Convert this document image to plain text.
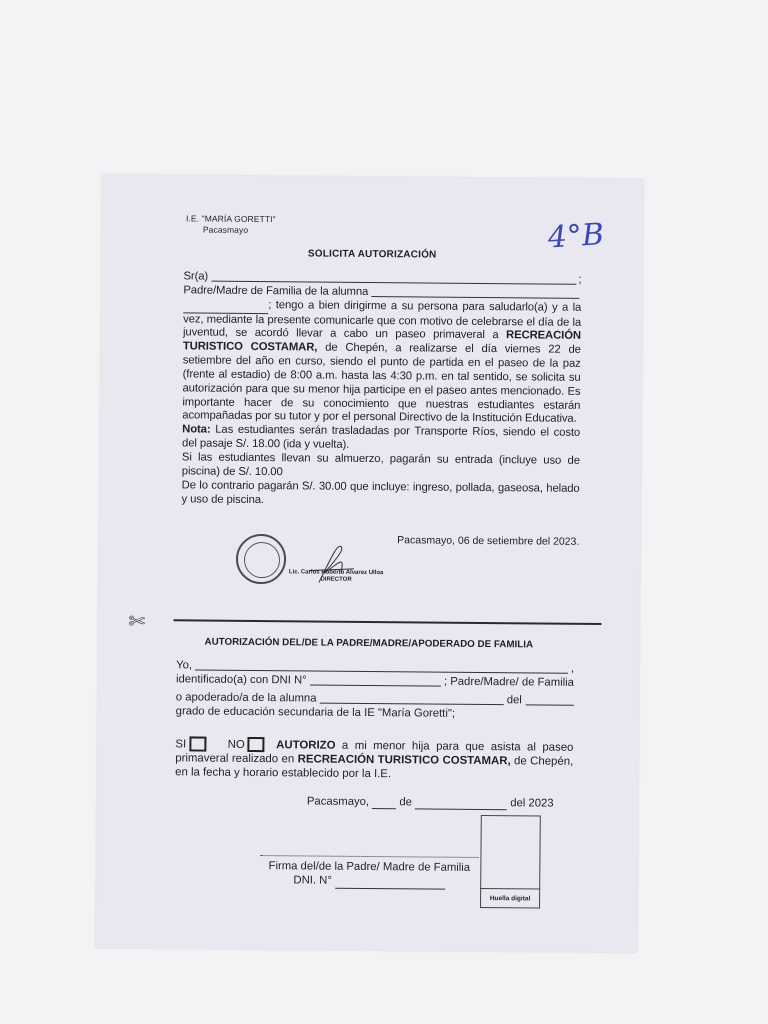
I.E. "MARÍA GORETTI"
Pacasmayo	4°B
SOLICITA AUTORIZACIÓN
Sr(a)	;
Padre/Madre de Familia de la alumna

; tengo a bien dirigirme a su persona para saludarlo(a) y a la vez, mediante la presente comunicarle que con motivo de celebrarse el día de la juventud, se acordó llevar a cabo un paseo primaveral a RECREACIÓN TURISTICO COSTAMAR, de Chepén, a realizarse el día viernes 22 de setiembre del año en curso, siendo el punto de partida en el paseo de la paz (frente al estadio) de 8:00 a.m. hasta las 4:30 p.m. en tal sentido, se solicita su autorización para que su menor hija participe en el paseo antes mencionado. Es importante hacer de su conocimiento que nuestras estudiantes estarán acompañadas por su tutor y por el personal Directivo de la Institución Educativa.

Nota: Las estudiantes serán trasladadas por Transporte Ríos, siendo el costo del pasaje S/. 18.00 (ida y vuelta).

Si las estudiantes llevan su almuerzo, pagarán su entrada (incluye uso de piscina) de S/. 10.00

De lo contrario pagarán S/. 30.00 que incluye: ingreso, pollada, gaseosa, helado y uso de piscina.

Pacasmayo, 06 de setiembre del 2023.
Lic. Carlos Roberto Alvarez Ulloa
DIRECTOR
✄
AUTORIZACIÓN DEL/DE LA PADRE/MADRE/APODERADO DE FAMILIA
Yo,	,
identificado(a) con DNI N°	; Padre/Madre/ de Familia
o apoderado/a de la alumna	del

grado de educación secundaria de la IE "María Goretti";
SI	NO	AUTORIZO a mi menor hija para que asista al paseo primaveral realizado en RECREACIÓN TURISTICO COSTAMAR, de Chepén, en la fecha y horario establecido por la I.E.
Pacasmayo,	de	del 2023
Huella digital
Firma del/de la Padre/ Madre de Familia
DNI. N°
